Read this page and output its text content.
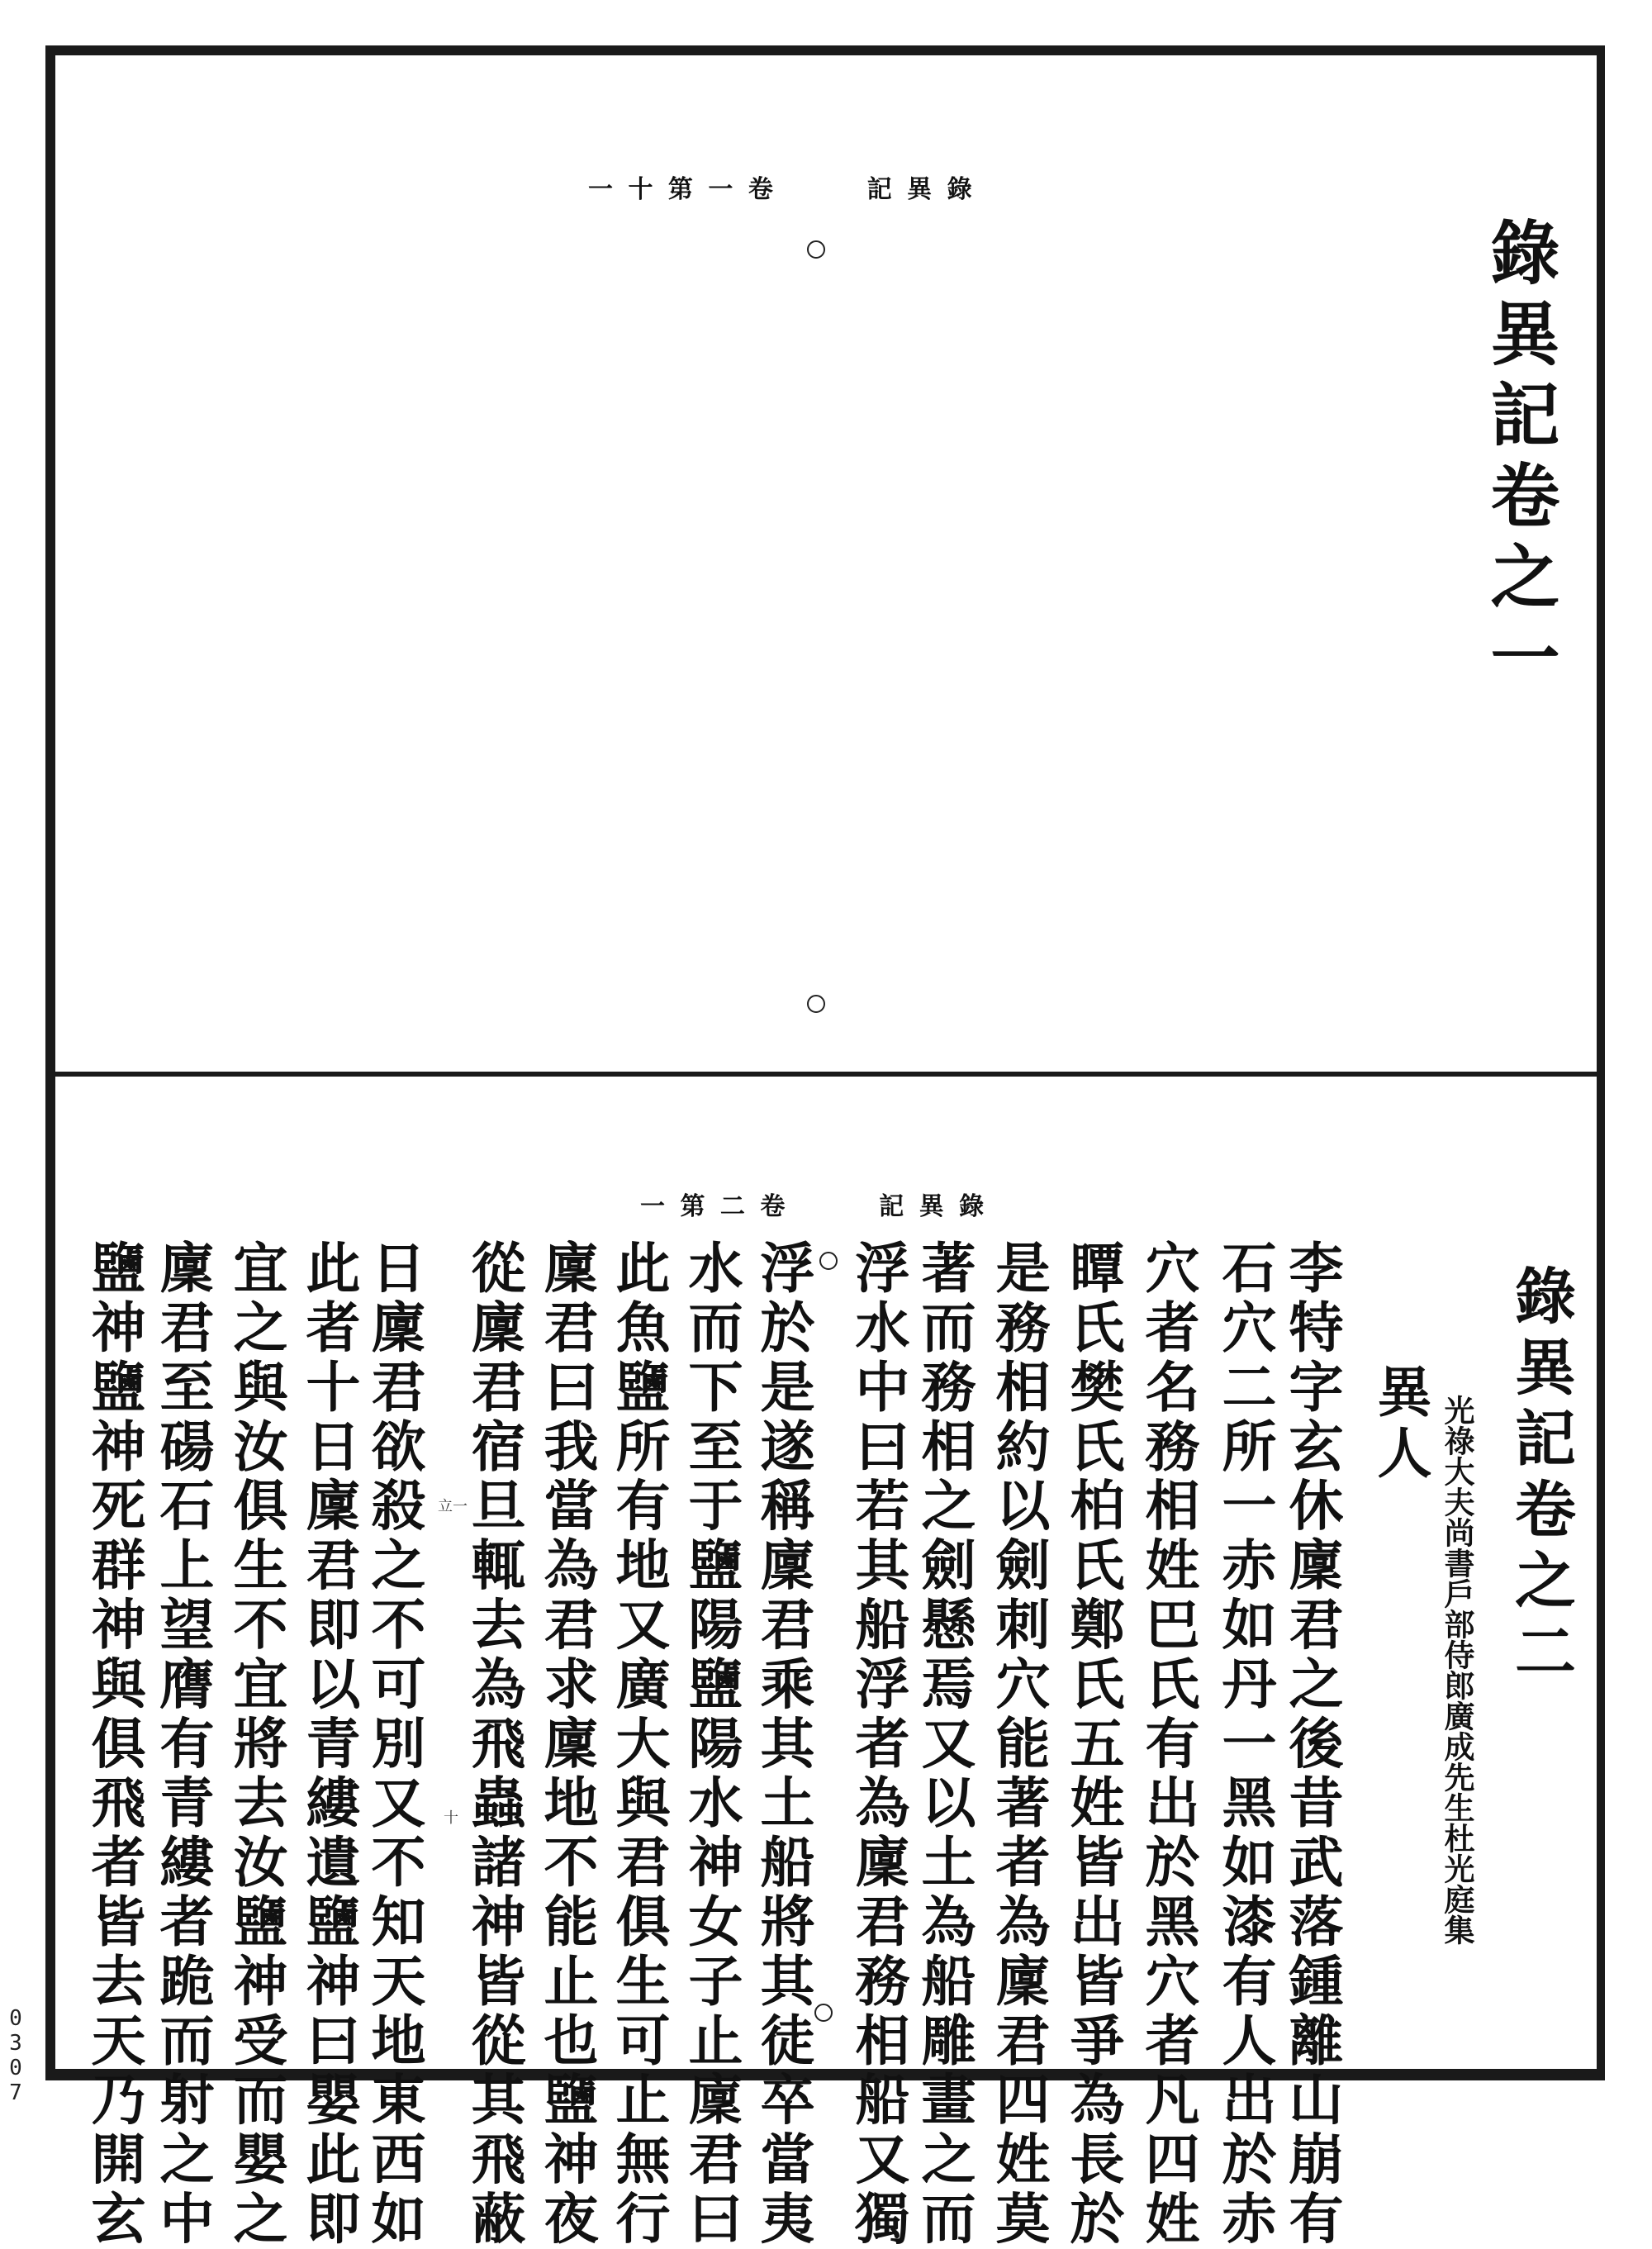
一 十 第 一 卷	記 異 錄
錄異記卷之一
一 第 二 卷	記 異 錄
錄異記卷之二
光祿大夫尚書戶部侍郎廣成先生杜光庭集
異人
李特字玄休廩君之後昔武落鍾離山崩有
石穴二所一赤如丹一黑如漆有人出於赤
穴者名務相姓巴氏有出於黑穴者凡四姓
瞫氏樊氏柏氏鄭氏五姓皆出皆爭為長於
是務相約以劍刺穴能著者為廩君四姓莫
著而務相之劍懸焉又以土為船雕畫之而
浮水中曰若其船浮者為廩君務相船又獨
浮於是遂稱廩君乘其土船將其徒卒當夷
水而下至于鹽陽鹽陽水神女子止廩君曰
此魚鹽所有地又廣大與君俱生可止無行
廩君曰我當為君求廩地不能止也鹽神夜
從廩君宿旦輒去為飛蟲諸神皆從其飛蔽
日廩君欲殺之不可別又不知天地東西如
此者十日廩君即以青縷遺鹽神曰嬰此即
宜之與汝俱生不宜將去汝鹽神受而嬰之
廩君至碭石上望膺有青縷者跪而射之中
鹽神鹽神死群神與俱飛者皆去天乃開玄	立一
十
0307
